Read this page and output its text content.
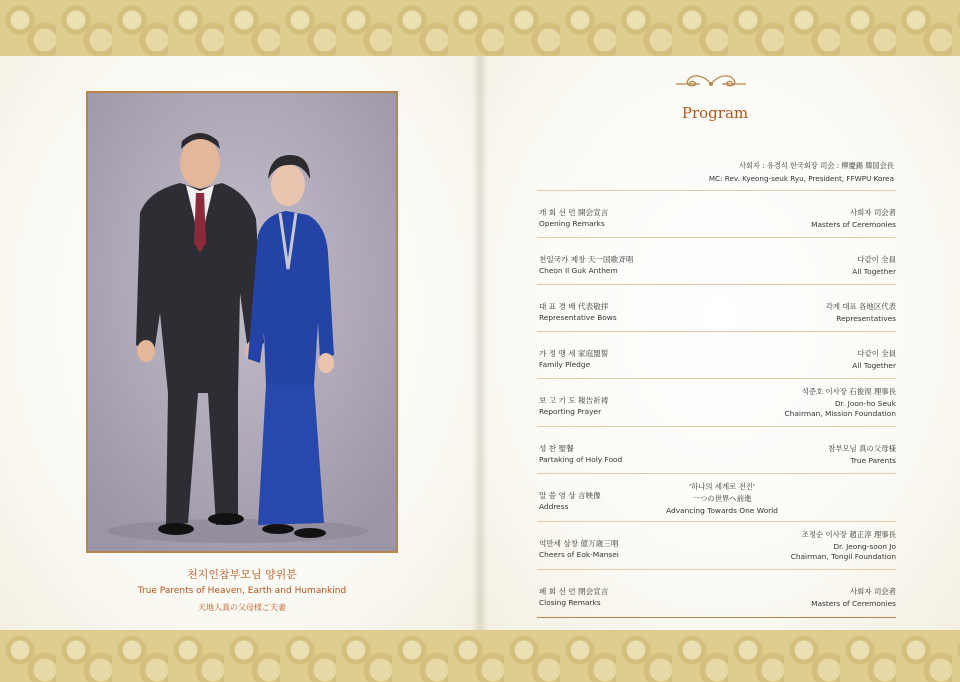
천지인참부모님 양위분
True Parents of Heaven, Earth and Humankind
天地人真の父母様ご夫妻
Program
사회자 : 유경석 한국회장 司会 : 柳慶錫 韓国会長
MC: Rev. Kyeong-seuk Ryu, President, FFWPU Korea
개 회 선 언 開会宣言
Opening Remarks
사회자 司会者
Masters of Ceremonies
천일국가 제창 天一国歌斉唱
Cheon Il Guk Anthem
다같이 全員
All Together
대 표 경 배 代表敬拝
Representative Bows
각계 대표 各地区代表
Representatives
가 정 맹 세 家庭盟誓
Family Pledge
다같이 全員
All Together
보 고 기 도 報告祈祷
Reporting Prayer
석준호 이사장 石俊淏 理事長
Dr. Joon-ho Seuk
Chairman, Mission Foundation
성 찬 聖餐
Partaking of Holy Food
참부모님 真の父母様
True Parents
말 씀 영 상 言映像
Address
'하나의 세계로 전진'
一つの世界へ前進
Advancing Towards One World
억만세 삼창 億万歳三唱
Cheers of Eok-Mansei
조정순 이사장 趙正淳 理事長
Dr. Jeong-soon Jo
Chairman, Tongil Foundation
폐 회 선 언 閉会宣言
Closing Remarks
사회자 司会者
Masters of Ceremonies
